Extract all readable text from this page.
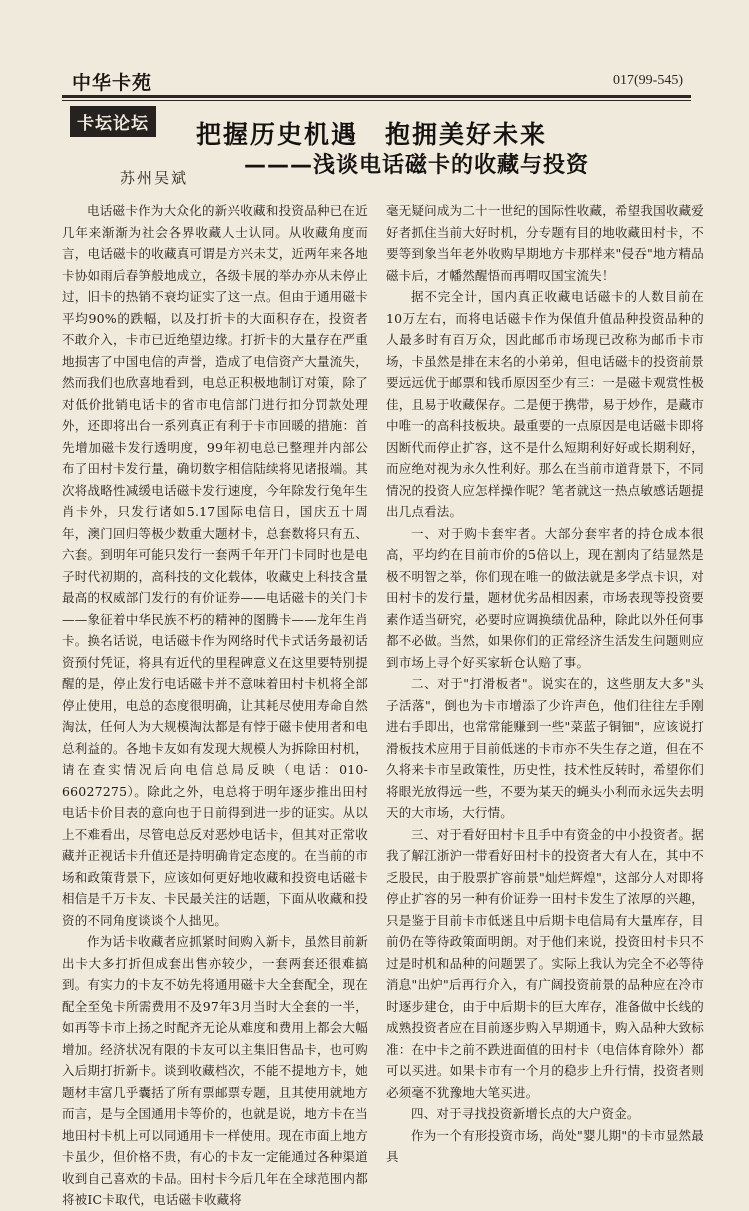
中华卡苑	017(99-545)
卡坛论坛 把握历史机遇　抱拥美好未来
———浅谈电话磁卡的收藏与投资
苏州吴斌

电话磁卡作为大众化的新兴收藏和投资品种已在近几年来渐渐为社会各界收藏人士认同。从收藏角度而言，电话磁卡的收藏真可谓是方兴未艾，近两年来各地卡协如雨后春笋般地成立，各级卡展的举办亦从未停止过，旧卡的热销不衰均证实了这一点。但由于通用磁卡平均90%的跌幅，以及打折卡的大面积存在，投资者不敢介入，卡市已近绝望边缘。打折卡的大量存在严重地损害了中国电信的声誉，造成了电信资产大量流失，然而我们也欣喜地看到，电总正积极地制订对策，除了对低价批销电话卡的省市电信部门进行扣分罚款处理外，还即将出台一系列真正有利于卡市回暖的措施：首先增加磁卡发行透明度，99年初电总已整理并内部公布了田村卡发行量，确切数字相信陆续将见诸报端。其次将战略性减缓电话磁卡发行速度，今年除发行兔年生肖卡外，只发行诸如5.17国际电信日，国庆五十周年，澳门回归等极少数重大题材卡，总套数将只有五、六套。到明年可能只发行一套两千年开门卡同时也是电子时代初期的，高科技的文化载体，收藏史上科技含量最高的权威部门发行的有价证券——电话磁卡的关门卡——象征着中华民族不朽的精神的图腾卡——龙年生肖卡。换名话说，电话磁卡作为网络时代卡式话务最初话资预付凭证，将具有近代的里程碑意义在这里要特别提醒的是，停止发行电话磁卡并不意味着田村卡机将全部停止使用，电总的态度很明确，让其耗尽使用寿命自然淘汰，任何人为大规模淘汰都是有悖于磁卡使用者和电总利益的。各地卡友如有发现大规模人为拆除田村机，请在查实情况后向电信总局反映（电话：010-66027275）。除此之外，电总将于明年逐步推出田村电话卡价目表的意向也于日前得到进一步的证实。从以上不难看出，尽管电总反对恶炒电话卡，但其对正常收藏并正视话卡升值还是持明确肯定态度的。在当前的市场和政策背景下，应该如何更好地收藏和投资电话磁卡相信是千万卡友、卡民最关注的话题，下面从收藏和投资的不同角度谈谈个人拙见。

作为话卡收藏者应抓紧时间购入新卡，虽然目前新出卡大多打折但成套出售亦较少，一套两套还很难搞到。有实力的卡友不妨先将通用磁卡大全套配全，现在配全至兔卡所需费用不及97年3月当时大全套的一半，如再等卡市上扬之时配齐无论从难度和费用上都会大幅增加。经济状况有限的卡友可以主集旧售品卡，也可购入后期打折新卡。谈到收藏档次，不能不提地方卡，她题材丰富几乎囊括了所有票邮票专题，且其使用就地方而言，是与全国通用卡等价的，也就是说，地方卡在当地田村卡机上可以同通用卡一样使用。现在市面上地方卡虽少，但价格不贵，有心的卡友一定能通过各种渠道收到自己喜欢的卡品。田村卡今后几年在全球范围内都将被IC卡取代，电话磁卡收藏将

毫无疑问成为二十一世纪的国际性收藏，希望我国收藏爱好者抓住当前大好时机，分专题有目的地收藏田村卡，不要等到象当年老外收购早期地方卡那样来"侵吞"地方精品磁卡后，才幡然醒悟而再喟叹国宝流失！

据不完全计，国内真正收藏电话磁卡的人数目前在10万左右，而将电话磁卡作为保值升值品种投资品种的人最多时有百万众，因此邮币市场现已改称为邮币卡市场，卡虽然是排在末名的小弟弟，但电话磁卡的投资前景要远远优于邮票和钱币原因至少有三：一是磁卡观赏性极佳，且易于收藏保存。二是便于携带，易于炒作，是藏市中唯一的高科技板块。最重要的一点原因是电话磁卡即将因断代而停止扩容，这不是什么短期利好好或长期利好，而应绝对视为永久性利好。那么在当前市道背景下，不同情况的投资人应怎样操作呢？笔者就这一热点敏感话题提出几点看法。

一、对于购卡套牢者。大部分套牢者的持仓成本很高，平均约在目前市价的5倍以上，现在割肉了结显然是极不明智之举，你们现在唯一的做法就是多学点卡识，对田村卡的发行量，题材优劣品相因素，市场表现等投资要素作适当研究，必要时应调换绩优品种，除此以外任何事都不必做。当然，如果你们的正常经济生活发生问题则应到市场上寻个好买家斩仓认赔了事。

二、对于"打滑板者"。说实在的，这些朋友大多"头子活落"，倒也为卡市增添了少许声色，他们往往左手刚进右手即出，也常常能赚到一些"菜蓝子铜钿"，应该说打滑板技术应用于目前低迷的卡市亦不失生存之道，但在不久将来卡市呈政策性，历史性，技术性反转时，希望你们将眼光放得远一些，不要为某天的蝇头小利而永远失去明天的大市场，大行情。

三、对于看好田村卡且手中有资金的中小投资者。据我了解江浙沪一带看好田村卡的投资者大有人在，其中不乏股民，由于股票扩容前景"灿烂辉煌"，这部分人对即将停止扩容的另一种有价证券一田村卡发生了浓厚的兴趣，只是鉴于目前卡市低迷且中后期卡电信局有大量库存，目前仍在等待政策面明朗。对于他们来说，投资田村卡只不过是时机和品种的问题罢了。实际上我认为完全不必等待消息"出炉"后再行介入，有广阔投资前景的品种应在冷市时逐步建仓，由于中后期卡的巨大库存，准备做中长线的成熟投资者应在目前逐步购入早期通卡，购入品种大致标准：在中卡之前不跌进面值的田村卡（电信体育除外）都可以买进。如果卡市有一个月的稳步上升行情，投资者则必须毫不犹豫地大笔买进。

四、对于寻找投资新增长点的大户资金。

作为一个有形投资市场，尚处"婴儿期"的卡市显然最具
